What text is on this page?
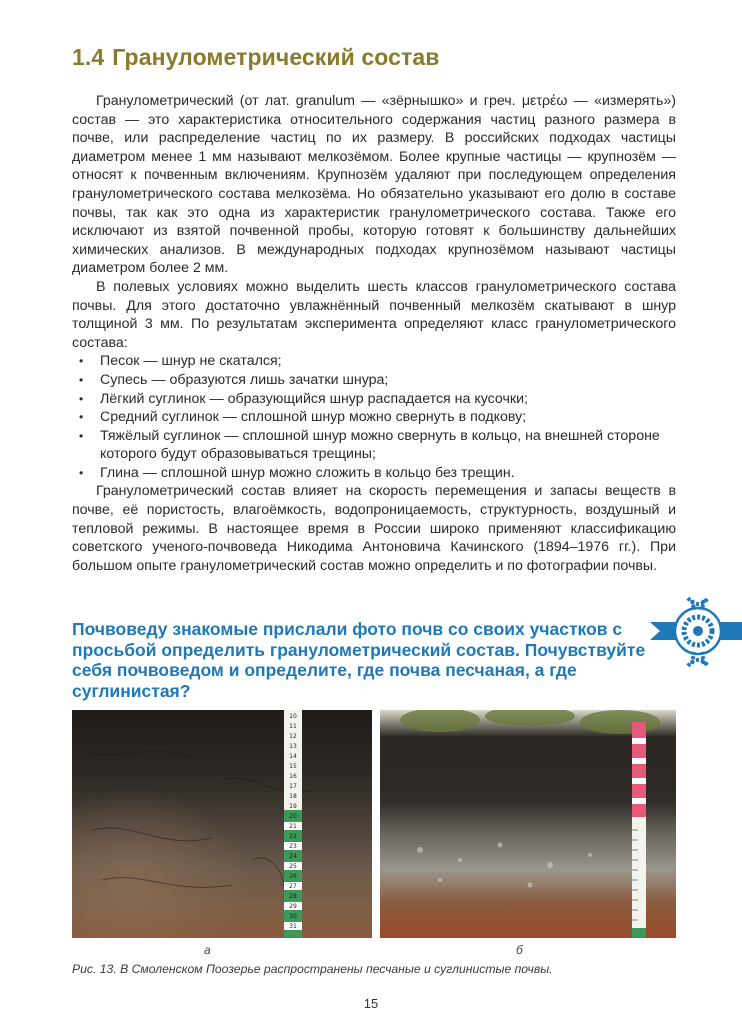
1.4 Гранулометрический состав

Гранулометрический (от лат. granulum — «зёрнышко» и греч. μετρέω — «измерять») состав — это характеристика относительного содержания частиц разного размера в почве, или распределение частиц по их размеру. В российских подходах частицы диаметром менее 1 мм называют мелкозёмом. Более крупные частицы — крупнозём — относят к почвенным включениям. Крупнозём удаляют при последующем определения гранулометрического состава мелкозёма. Но обязательно указывают его долю в составе почвы, так как это одна из характеристик гранулометрического состава. Также его исключают из взятой почвенной пробы, которую готовят к большинству дальнейших химических анализов. В международных подходах крупнозёмом называют частицы диаметром более 2 мм.

В полевых условиях можно выделить шесть классов гранулометрического состава почвы. Для этого достаточно увлажнённый почвенный мелкозём скатывают в шнур толщиной 3 мм. По результатам эксперимента определяют класс гранулометрического состава:

• Песок — шнур не скатался;
• Супесь — образуются лишь зачатки шнура;
• Лёгкий суглинок — образующийся шнур распадается на кусочки;
• Средний суглинок — сплошной шнур можно свернуть в подкову;
• Тяжёлый суглинок — сплошной шнур можно свернуть в кольцо, на внешней стороне которого будут образовываться трещины;
• Глина — сплошной шнур можно сложить в кольцо без трещин.

Гранулометрический состав влияет на скорость перемещения и запасы веществ в почве, её пористость, влагоёмкость, водопроницаемость, структурность, воздушный и тепловой режимы. В настоящее время в России широко применяют классификацию советского ученого-почвоведа Никодима Антоновича Качинского (1894–1976 гг.). При большом опыте гранулометрический состав можно определить и по фотографии почвы.

Почвоведу знакомые прислали фото почв со своих участков с просьбой определить гранулометрический состав. Почувствуйте себя почвоведом и определите, где почва песчаная, а где суглинистая?
10
11
12
13
14
15
16
17
18
19
20
21
22
23
24
25
26
27
28
29
30
31
а	б
Рис. 13. В Смоленском Поозерье распространены песчаные и суглинистые почвы.
15
